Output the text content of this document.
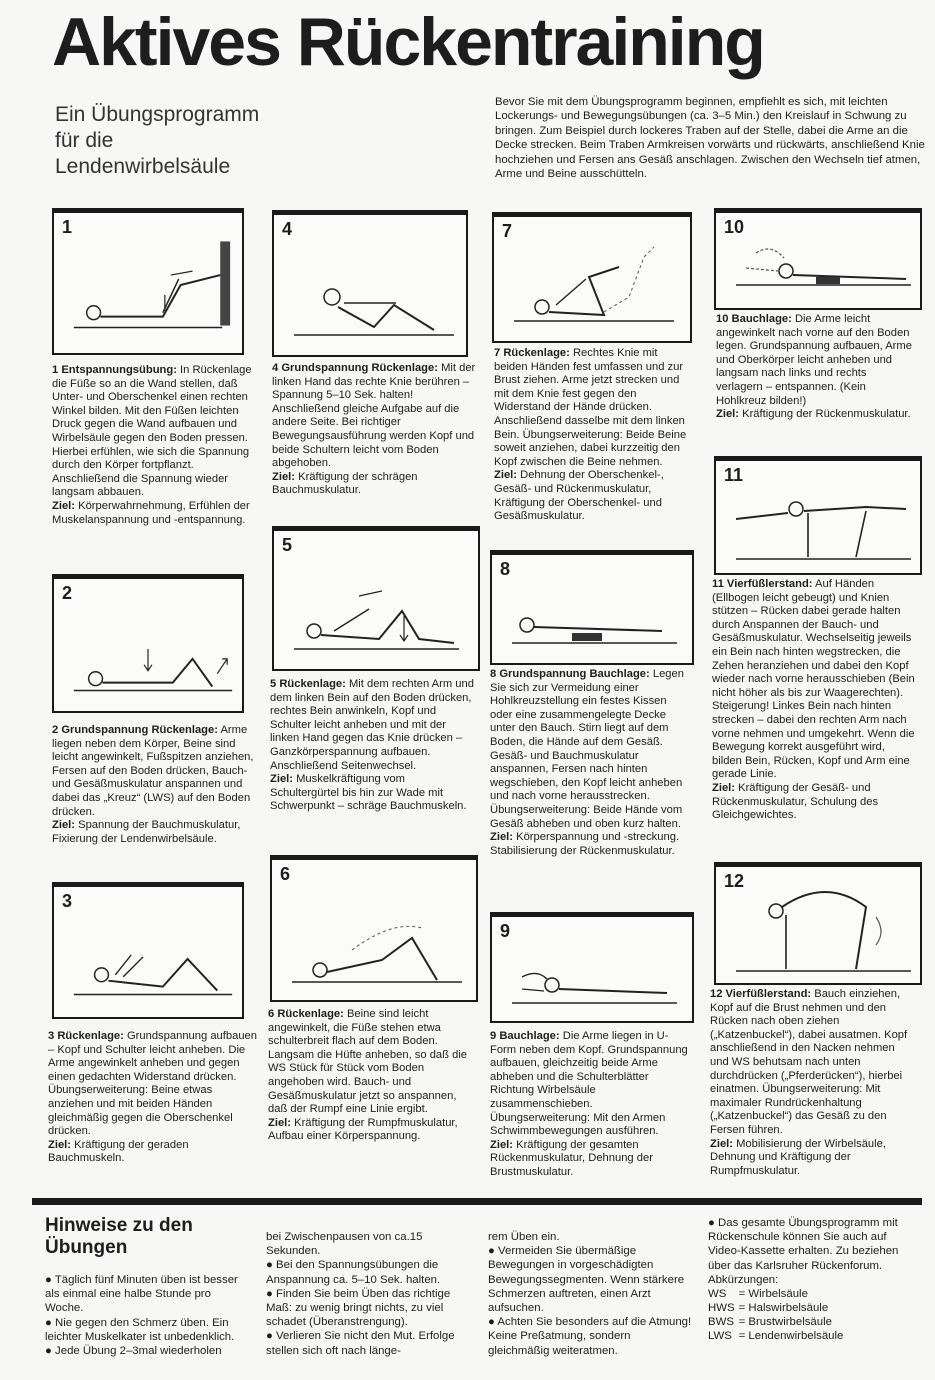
Aktives Rückentraining
Ein Übungsprogramm
für die
Lendenwirbelsäule
Bevor Sie mit dem Übungsprogramm beginnen, empfiehlt es sich, mit leichten Lockerungs- und Bewegungsübungen (ca. 3–5 Min.) den Kreislauf in Schwung zu bringen. Zum Beispiel durch lockeres Traben auf der Stelle, dabei die Arme an die Decke strecken. Beim Traben Armkreisen vorwärts und rückwärts, anschließend Knie hochziehen und Fersen ans Gesäß anschlagen. Zwischen den Wechseln tief atmen, Arme und Beine ausschütteln.
1
1 Entspannungsübung: In Rückenlage die Füße so an die Wand stellen, daß Unter- und Oberschenkel einen rechten Winkel bilden. Mit den Füßen leichten Druck gegen die Wand aufbauen und Wirbelsäule gegen den Boden pressen. Hierbei erfühlen, wie sich die Spannung durch den Körper fortpflanzt. Anschließend die Spannung wieder langsam abbauen.
Ziel: Körperwahrnehmung, Erfühlen der Muskelanspannung und -entspannung.
2
2 Grundspannung Rückenlage: Arme liegen neben dem Körper, Beine sind leicht angewinkelt, Fußspitzen anziehen, Fersen auf den Boden drücken, Bauch- und Gesäßmuskulatur anspannen und dabei das „Kreuz“ (LWS) auf den Boden drücken.
Ziel: Spannung der Bauchmuskulatur, Fixierung der Lendenwirbelsäule.
3
3 Rückenlage: Grundspannung aufbauen – Kopf und Schulter leicht anheben. Die Arme angewinkelt anheben und gegen einen gedachten Widerstand drücken. Übungserweiterung: Beine etwas anziehen und mit beiden Händen gleichmäßig gegen die Oberschenkel drücken.
Ziel: Kräftigung der geraden Bauchmuskeln.
4
4 Grundspannung Rückenlage: Mit der linken Hand das rechte Knie berühren – Spannung 5–10 Sek. halten! Anschließend gleiche Aufgabe auf die andere Seite. Bei richtiger Bewegungsausführung werden Kopf und beide Schultern leicht vom Boden abgehoben.
Ziel: Kräftigung der schrägen Bauchmuskulatur.
5
5 Rückenlage: Mit dem rechten Arm und dem linken Bein auf den Boden drücken, rechtes Bein anwinkeln, Kopf und Schulter leicht anheben und mit der linken Hand gegen das Knie drücken – Ganzkörperspannung aufbauen. Anschließend Seitenwechsel.
Ziel: Muskelkräftigung vom Schultergürtel bis hin zur Wade mit Schwerpunkt – schräge Bauchmuskeln.
6
6 Rückenlage: Beine sind leicht angewinkelt, die Füße stehen etwa schulterbreit flach auf dem Boden. Langsam die Hüfte anheben, so daß die WS Stück für Stück vom Boden angehoben wird. Bauch- und Gesäßmuskulatur jetzt so anspannen, daß der Rumpf eine Linie ergibt.
Ziel: Kräftigung der Rumpfmuskulatur, Aufbau einer Körperspannung.
7
7 Rückenlage: Rechtes Knie mit beiden Händen fest umfassen und zur Brust ziehen. Arme jetzt strecken und mit dem Knie fest gegen den Widerstand der Hände drücken. Anschließend dasselbe mit dem linken Bein. Übungserweiterung: Beide Beine soweit anziehen, dabei kurzzeitig den Kopf zwischen die Beine nehmen.
Ziel: Dehnung der Oberschenkel-, Gesäß- und Rückenmuskulatur, Kräftigung der Oberschenkel- und Gesäßmuskulatur.
8
8 Grundspannung Bauchlage: Legen Sie sich zur Vermeidung einer Hohlkreuzstellung ein festes Kissen oder eine zusammengelegte Decke unter den Bauch. Stirn liegt auf dem Boden, die Hände auf dem Gesäß. Gesäß- und Bauchmuskulatur anspannen, Fersen nach hinten wegschieben, den Kopf leicht anheben und nach vorne herausstrecken. Übungserweiterung: Beide Hände vom Gesäß abheben und oben kurz halten.
Ziel: Körperspannung und -streckung. Stabilisierung der Rückenmuskulatur.
9
9 Bauchlage: Die Arme liegen in U-Form neben dem Kopf. Grundspannung aufbauen, gleichzeitig beide Arme abheben und die Schulterblätter Richtung Wirbelsäule zusammenschieben. Übungserweiterung: Mit den Armen Schwimmbewegungen ausführen.
Ziel: Kräftigung der gesamten Rückenmuskulatur, Dehnung der Brustmuskulatur.
10
10 Bauchlage: Die Arme leicht angewinkelt nach vorne auf den Boden legen. Grundspannung aufbauen, Arme und Oberkörper leicht anheben und langsam nach links und rechts verlagern – entspannen. (Kein Hohlkreuz bilden!)
Ziel: Kräftigung der Rückenmuskulatur.
11
11 Vierfüßlerstand: Auf Händen (Ellbogen leicht gebeugt) und Knien stützen – Rücken dabei gerade halten durch Anspannen der Bauch- und Gesäßmuskulatur. Wechselseitig jeweils ein Bein nach hinten wegstrecken, die Zehen heranziehen und dabei den Kopf wieder nach vorne herausschieben (Bein nicht höher als bis zur Waagerechten). Steigerung! Linkes Bein nach hinten strecken – dabei den rechten Arm nach vorne nehmen und umgekehrt. Wenn die Bewegung korrekt ausgeführt wird, bilden Bein, Rücken, Kopf und Arm eine gerade Linie.
Ziel: Kräftigung der Gesäß- und Rückenmuskulatur, Schulung des Gleichgewichtes.
12
12 Vierfüßlerstand: Bauch einziehen, Kopf auf die Brust nehmen und den Rücken nach oben ziehen („Katzenbuckel“), dabei ausatmen. Kopf anschließend in den Nacken nehmen und WS behutsam nach unten durchdrücken („Pferderücken“), hierbei einatmen. Übungserweiterung: Mit maximaler Rundrückenhaltung („Katzenbuckel“) das Gesäß zu den Fersen führen.
Ziel: Mobilisierung der Wirbelsäule, Dehnung und Kräftigung der Rumpfmuskulatur.
Hinweise zu den Übungen

● Täglich fünf Minuten üben ist besser als einmal eine halbe Stunde pro Woche.

● Nie gegen den Schmerz üben. Ein leichter Muskelkater ist unbedenklich.

● Jede Übung 2–3mal wiederholen

bei Zwischenpausen von ca.15 Sekunden.

● Bei den Spannungsübungen die Anspannung ca. 5–10 Sek. halten.

● Finden Sie beim Üben das richtige Maß: zu wenig bringt nichts, zu viel schadet (Überanstrengung).

● Verlieren Sie nicht den Mut. Erfolge stellen sich oft nach länge-

rem Üben ein.

● Vermeiden Sie übermäßige Bewegungen in vorgeschädigten Bewegungssegmenten. Wenn stärkere Schmerzen auftreten, einen Arzt aufsuchen.

● Achten Sie besonders auf die Atmung! Keine Preßatmung, sondern gleichmäßig weiteratmen.

● Das gesamte Übungsprogramm mit Rückenschule können Sie auch auf Video-Kassette erhalten. Zu beziehen über das Karlsruher Rückenforum.

Abkürzungen:

WS	= Wirbelsäule
HWS	= Halswirbelsäule
BWS	= Brustwirbelsäule
LWS	= Lendenwirbelsäule
